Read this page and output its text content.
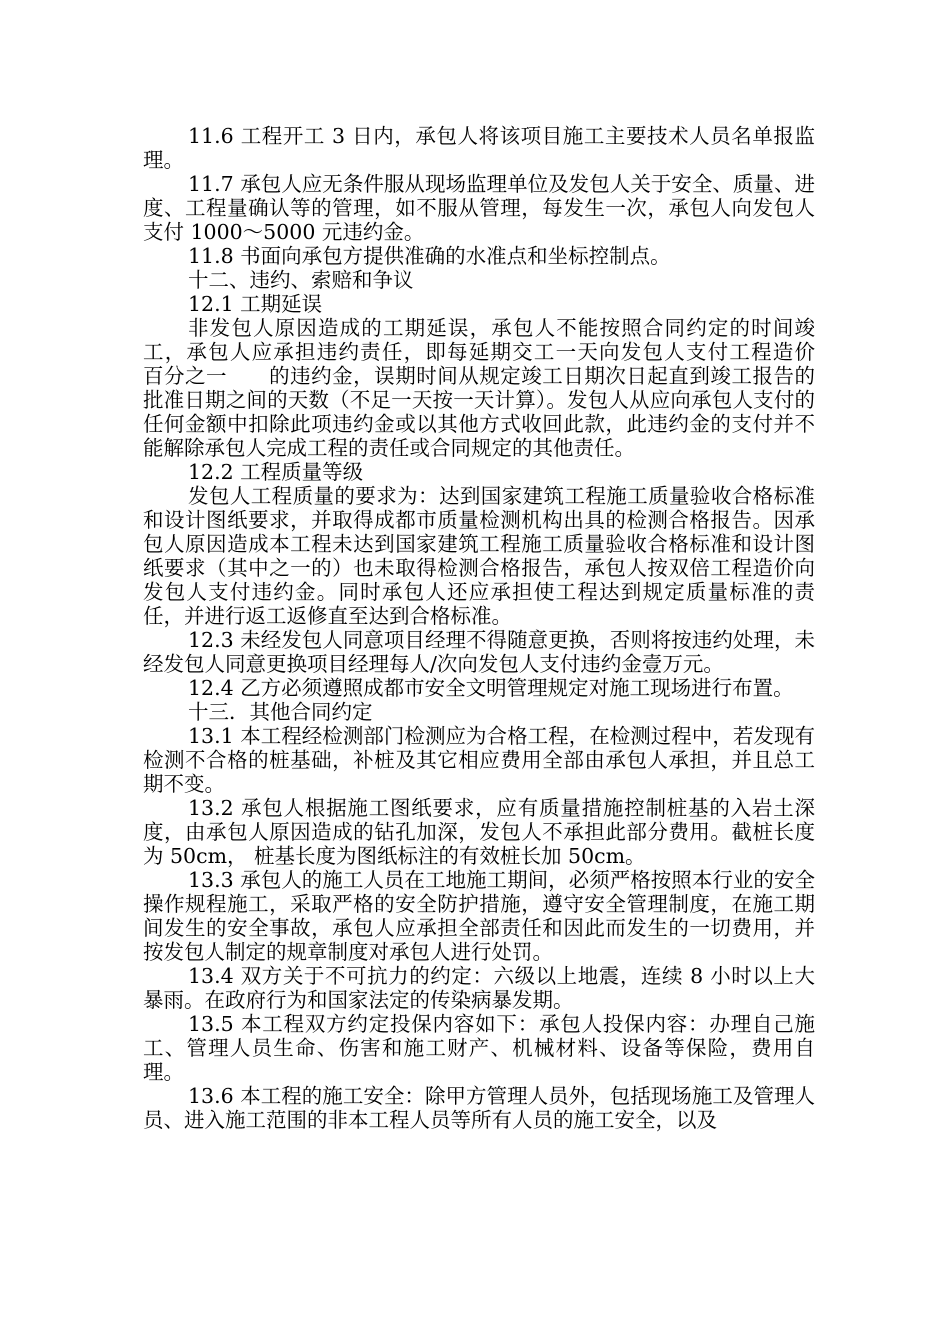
11.6 工程开工 3 日内，承包人将该项目施工主要技术人员名单报监理。

11.7 承包人应无条件服从现场监理单位及发包人关于安全、质量、进度、工程量确认等的管理，如不服从管理，每发生一次，承包人向发包人支付 1000～5000 元违约金。

11.8 书面向承包方提供准确的水准点和坐标控制点。

十二、违约、索赔和争议

12.1 工期延误

非发包人原因造成的工期延误，承包人不能按照合同约定的时间竣工，承包人应承担违约责任，即每延期交工一天向发包人支付工程造价　　百分之一　　的违约金，误期时间从规定竣工日期次日起直到竣工报告的批准日期之间的天数（不足一天按一天计算）。发包人从应向承包人支付的任何金额中扣除此项违约金或以其他方式收回此款，此违约金的支付并不能解除承包人完成工程的责任或合同规定的其他责任。

12.2 工程质量等级

发包人工程质量的要求为：达到国家建筑工程施工质量验收合格标准和设计图纸要求，并取得成都市质量检测机构出具的检测合格报告。因承包人原因造成本工程未达到国家建筑工程施工质量验收合格标准和设计图纸要求（其中之一的）也未取得检测合格报告，承包人按双倍工程造价向发包人支付违约金。同时承包人还应承担使工程达到规定质量标准的责任，并进行返工返修直至达到合格标准。

12.3 未经发包人同意项目经理不得随意更换，否则将按违约处理，未经发包人同意更换项目经理每人/次向发包人支付违约金壹万元。

12.4 乙方必须遵照成都市安全文明管理规定对施工现场进行布置。

十三．其他合同约定

13.1 本工程经检测部门检测应为合格工程，在检测过程中，若发现有检测不合格的桩基础，补桩及其它相应费用全部由承包人承担，并且总工期不变。

13.2 承包人根据施工图纸要求，应有质量措施控制桩基的入岩土深度，由承包人原因造成的钻孔加深，发包人不承担此部分费用。截桩长度为 50cm， 桩基长度为图纸标注的有效桩长加 50cm。

13.3 承包人的施工人员在工地施工期间，必须严格按照本行业的安全操作规程施工，采取严格的安全防护措施，遵守安全管理制度，在施工期间发生的安全事故，承包人应承担全部责任和因此而发生的一切费用，并按发包人制定的规章制度对承包人进行处罚。

13.4 双方关于不可抗力的约定：六级以上地震，连续 8 小时以上大暴雨。在政府行为和国家法定的传染病暴发期。

13.5 本工程双方约定投保内容如下：承包人投保内容：办理自己施工、管理人员生命、伤害和施工财产、机械材料、设备等保险，费用自理。

13.6 本工程的施工安全：除甲方管理人员外，包括现场施工及管理人员、进入施工范围的非本工程人员等所有人员的施工安全，以及
